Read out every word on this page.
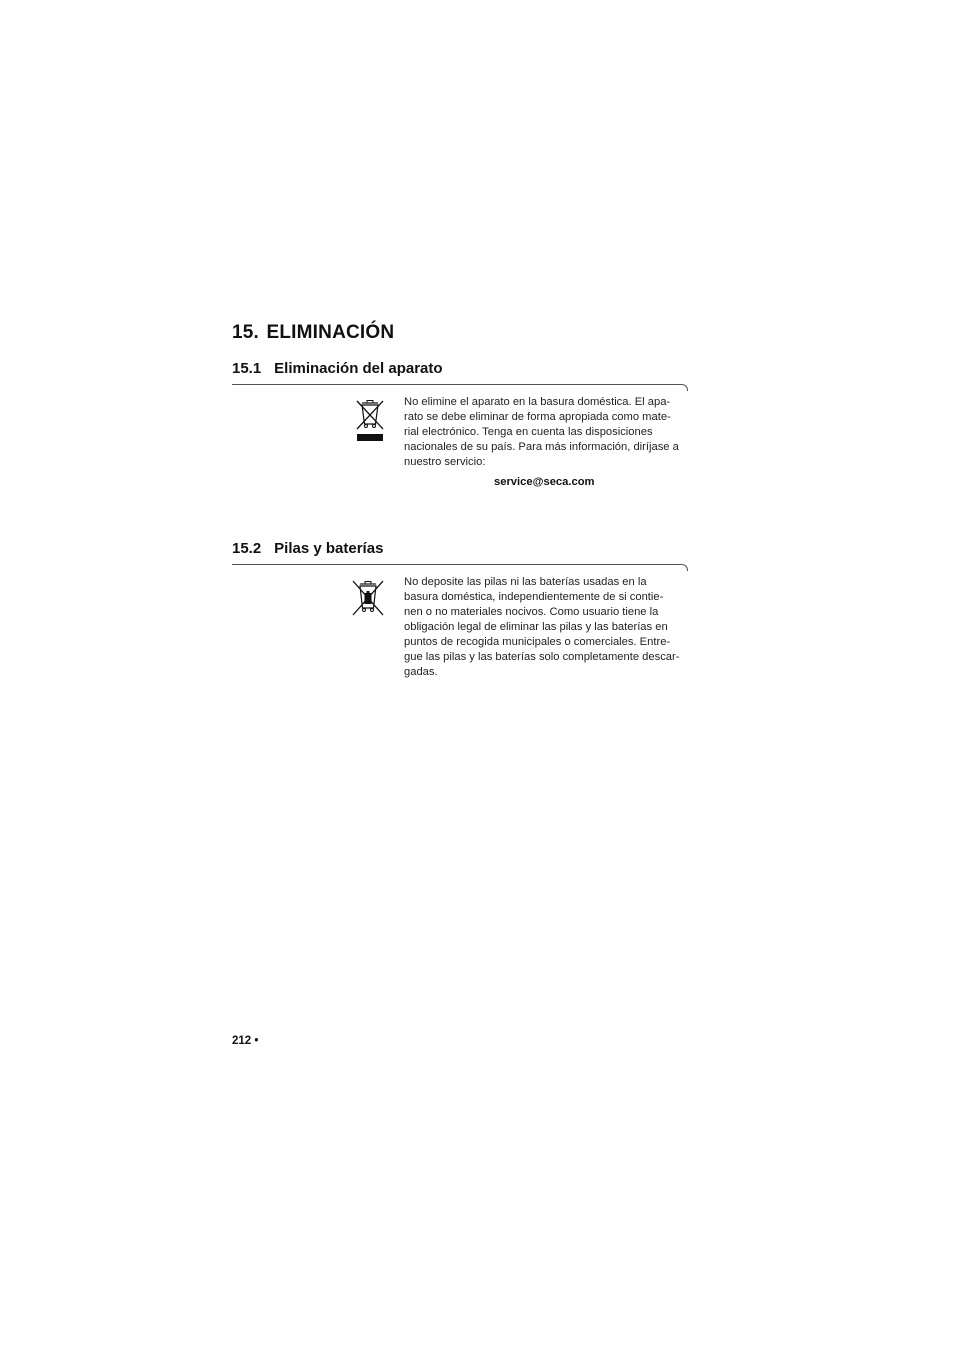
15. ELIMINACIÓN
15.1 Eliminación del aparato

No elimine el aparato en la basura doméstica. El apa-
rato se debe eliminar de forma apropiada como mate-
rial electrónico. Tenga en cuenta las disposiciones
nacionales de su país. Para más información, diríjase a
nuestro servicio:

service@seca.com
15.2 Pilas y baterías

No deposite las pilas ni las baterías usadas en la
basura doméstica, independientemente de si contie-
nen o no materiales nocivos. Como usuario tiene la
obligación legal de eliminar las pilas y las baterías en
puntos de recogida municipales o comerciales. Entre-
gue las pilas y las baterías solo completamente descar-
gadas.

212 •
